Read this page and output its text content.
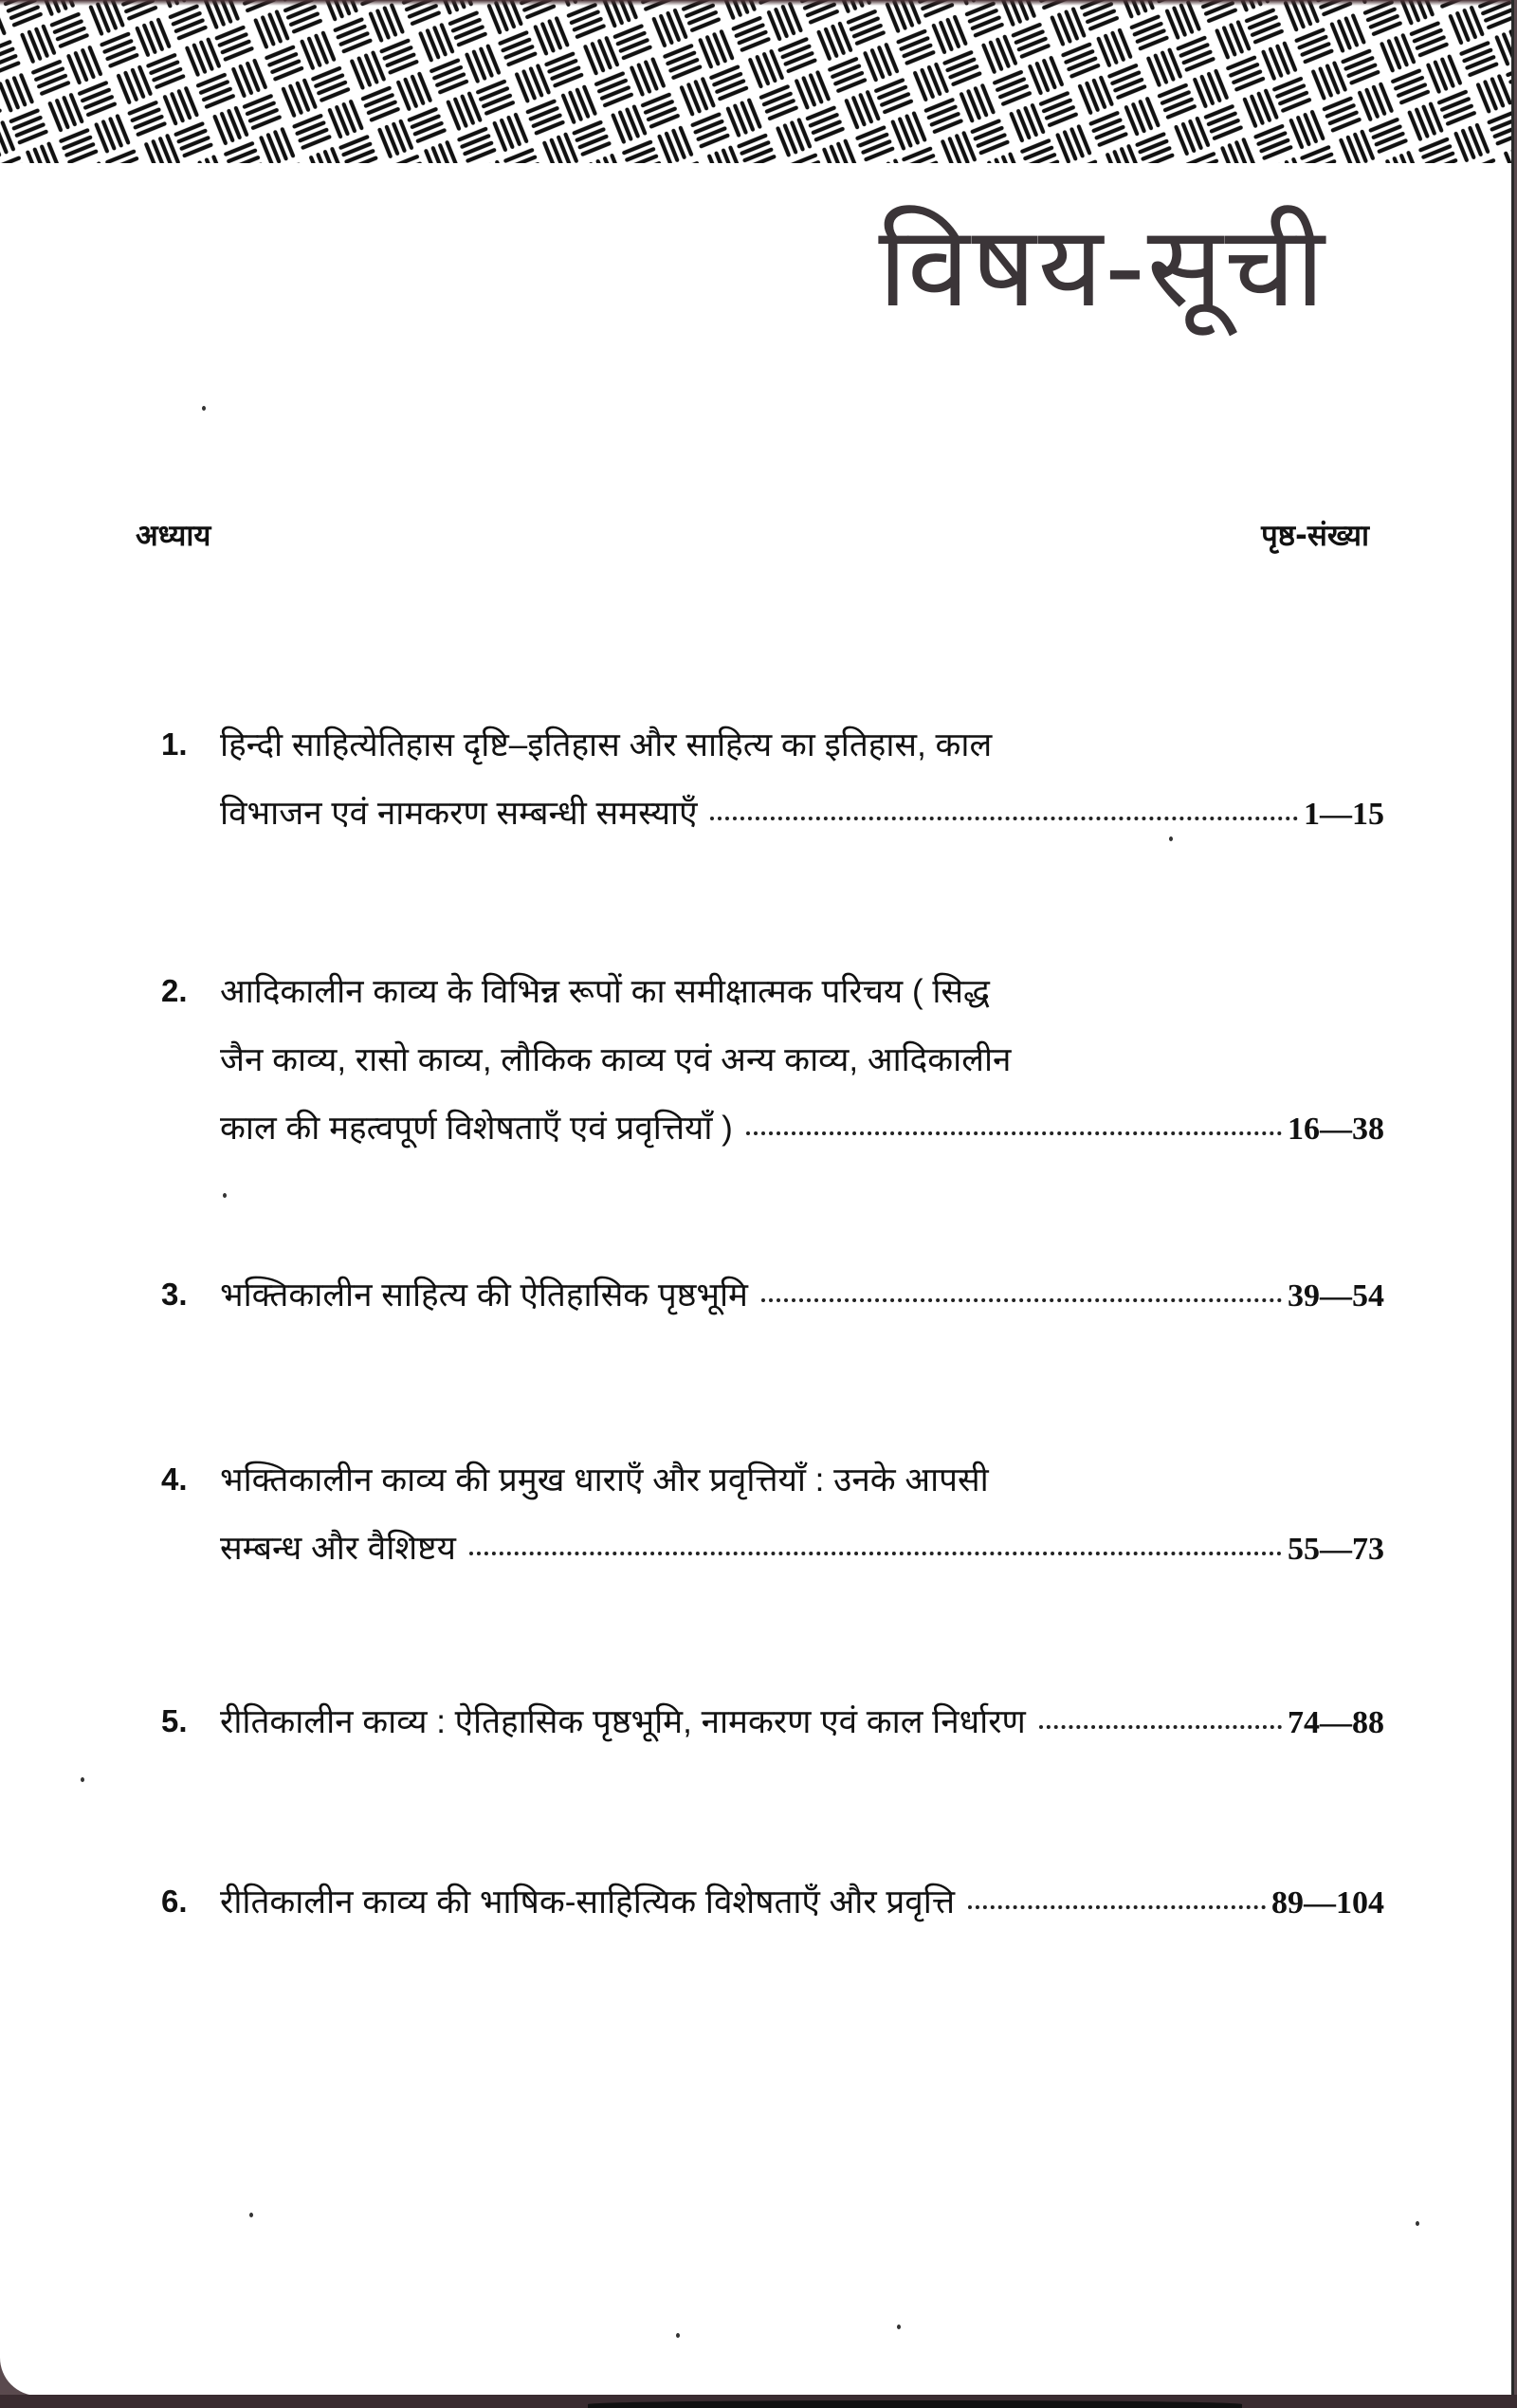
विषय-सूची
अध्याय	पृष्ठ-संख्या
1. हिन्दी साहित्येतिहास दृष्टि–इतिहास और साहित्य का इतिहास, काल
विभाजन एवं नामकरण सम्बन्धी समस्याएँ	1—15
2. आदिकालीन काव्य के विभिन्न रूपों का समीक्षात्मक परिचय ( सिद्ध
जैन काव्य, रासो काव्य, लौकिक काव्य एवं अन्य काव्य, आदिकालीन
काल की महत्वपूर्ण विशेषताएँ एवं प्रवृत्तियाँ )	16—38
3. भक्तिकालीन साहित्य की ऐतिहासिक पृष्ठभूमि	39—54
4. भक्तिकालीन काव्य की प्रमुख धाराएँ और प्रवृत्तियाँ : उनके आपसी
सम्बन्ध और वैशिष्टय	55—73
5. रीतिकालीन काव्य : ऐतिहासिक पृष्ठभूमि, नामकरण एवं काल निर्धारण	74—88
6. रीतिकालीन काव्य की भाषिक-साहित्यिक विशेषताएँ और प्रवृत्ति	89—104
